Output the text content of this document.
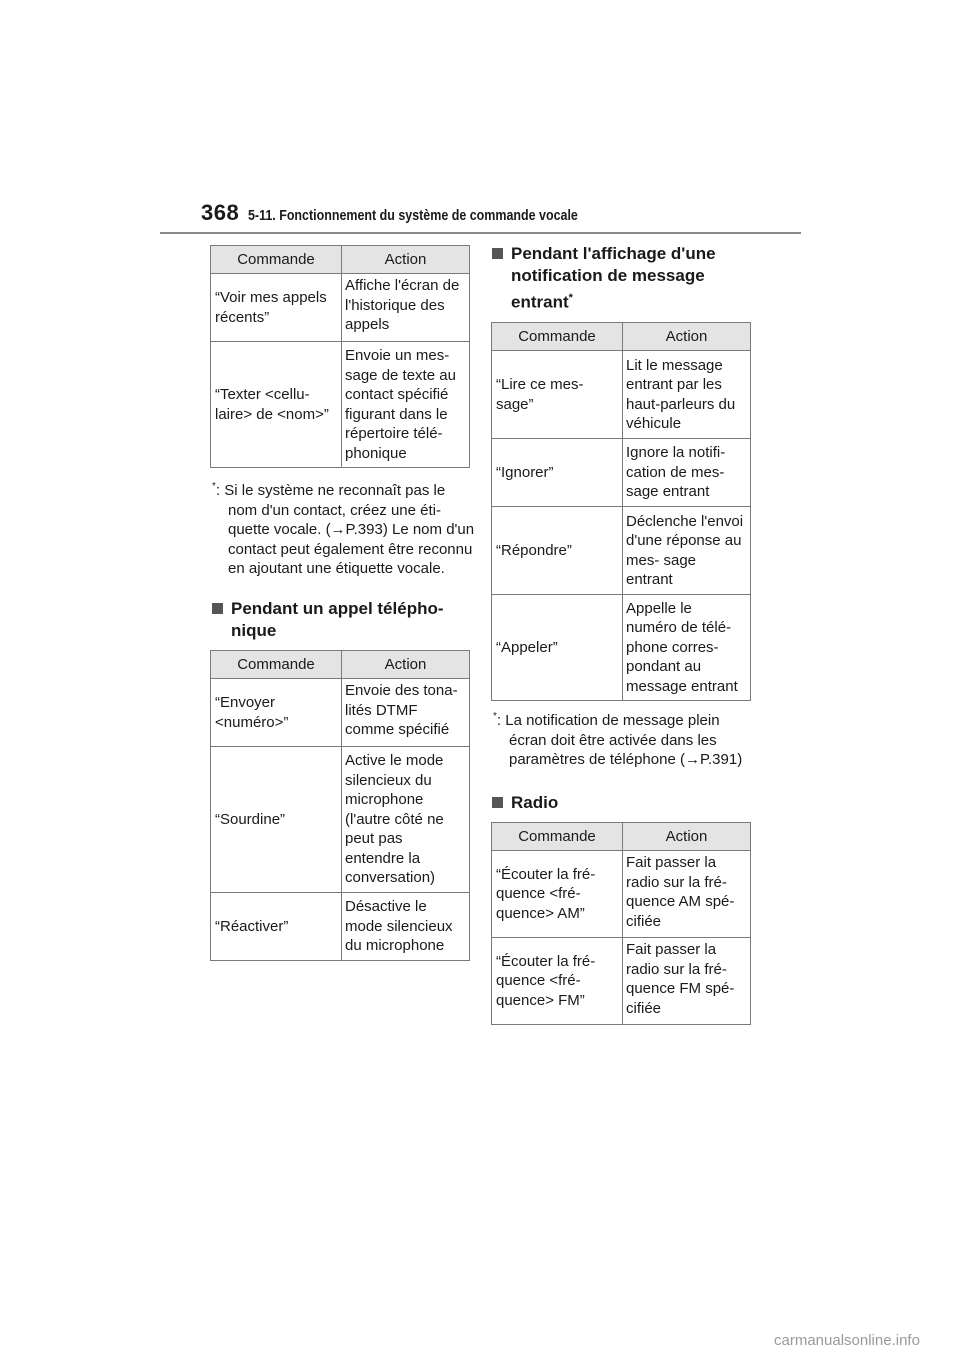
368 5-11. Fonctionnement du système de commande vocale
Commande	Action

“Voir mes appels récents”	Affiche l'écran de l'historique des appels

“Texter <cellu- laire> de <nom>”	Envoie un mes- sage de texte au contact spécifié figurant dans le répertoire télé- phonique
*: Si le système ne reconnaît pas le nom d'un contact, créez une éti- quette vocale. (→P.393) Le nom d'un contact peut également être reconnu en ajoutant une étiquette vocale.
Pendant un appel télépho- nique
Commande	Action

“Envoyer <numéro>”	Envoie des tona- lités DTMF comme spécifié

“Sourdine”	Active le mode silencieux du microphone (l'autre côté ne peut pas entendre la conversation)

“Réactiver”	Désactive le mode silencieux du microphone
Pendant l'affichage d'une notification de message entrant*
Commande	Action

“Lire ce mes- sage”	Lit le message entrant par les haut-parleurs du véhicule

“Ignorer”	Ignore la notifi- cation de mes- sage entrant

“Répondre”	Déclenche l'envoi d'une réponse au mes- sage entrant

“Appeler”	Appelle le numéro de télé- phone corres- pondant au message entrant
*: La notification de message plein écran doit être activée dans les paramètres de téléphone (→P.391)
Radio
Commande	Action

“Écouter la fré- quence <fré- quence> AM”	Fait passer la radio sur la fré- quence AM spé- cifiée

“Écouter la fré- quence <fré- quence> FM”	Fait passer la radio sur la fré- quence FM spé- cifiée
carmanualsonline.info
